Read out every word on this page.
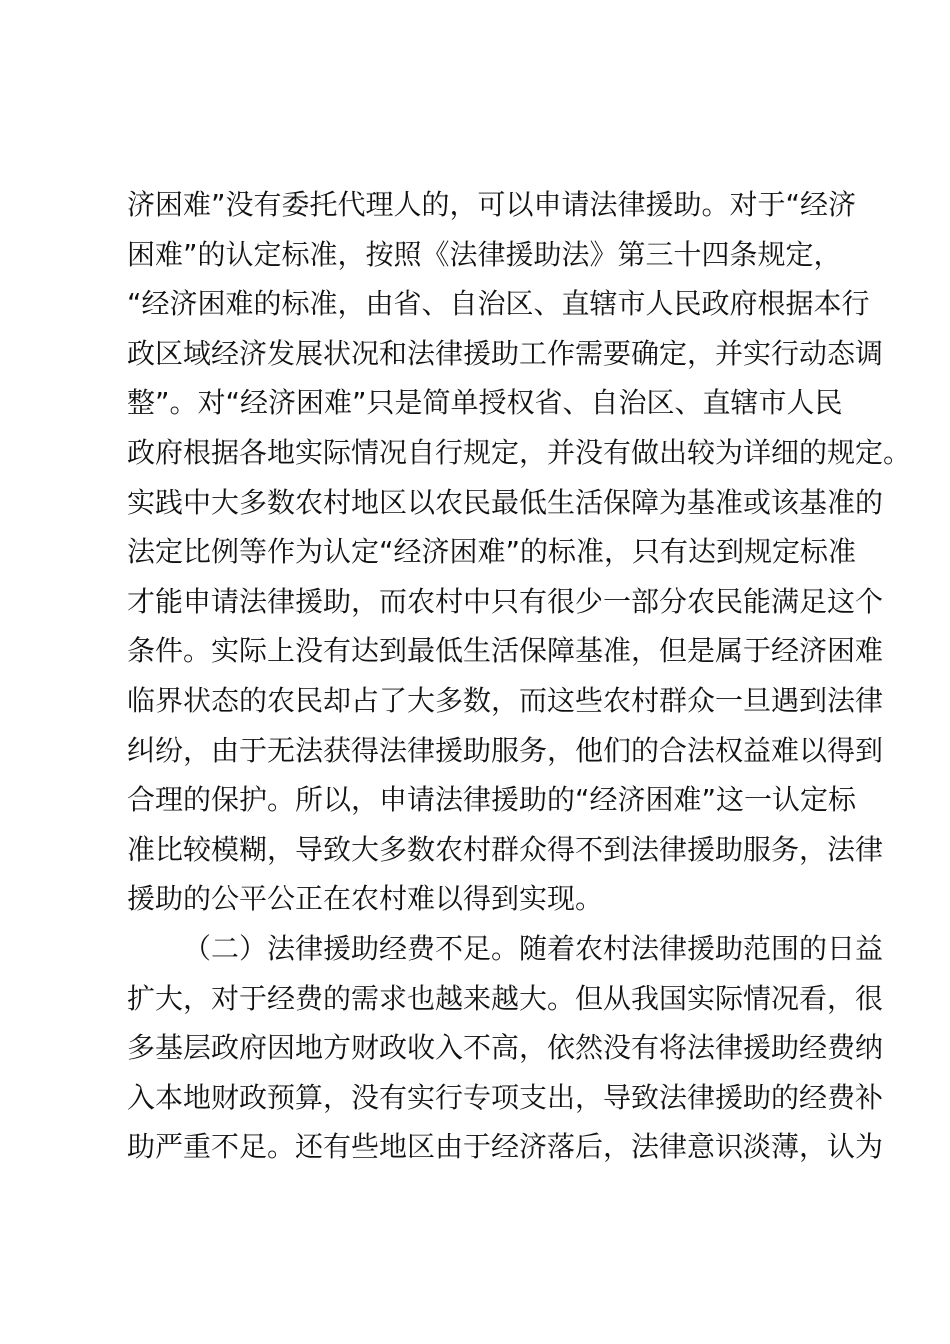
济困难”没有委托代理人的，可以申请法律援助。对于“经济
困难”的认定标准，按照《法律援助法》第三十四条规定，
“经济困难的标准，由省、自治区、直辖市人民政府根据本行
政区域经济发展状况和法律援助工作需要确定，并实行动态调
整”。对“经济困难”只是简单授权省、自治区、直辖市人民
政府根据各地实际情况自行规定，并没有做出较为详细的规定。
实践中大多数农村地区以农民最低生活保障为基准或该基准的
法定比例等作为认定“经济困难”的标准，只有达到规定标准
才能申请法律援助，而农村中只有很少一部分农民能满足这个
条件。实际上没有达到最低生活保障基准，但是属于经济困难
临界状态的农民却占了大多数，而这些农村群众一旦遇到法律
纠纷，由于无法获得法律援助服务，他们的合法权益难以得到
合理的保护。所以，申请法律援助的“经济困难”这一认定标
准比较模糊，导致大多数农村群众得不到法律援助服务，法律
援助的公平公正在农村难以得到实现。
（二）法律援助经费不足。随着农村法律援助范围的日益
扩大，对于经费的需求也越来越大。但从我国实际情况看，很
多基层政府因地方财政收入不高，依然没有将法律援助经费纳
入本地财政预算，没有实行专项支出，导致法律援助的经费补
助严重不足。还有些地区由于经济落后，法律意识淡薄，认为
